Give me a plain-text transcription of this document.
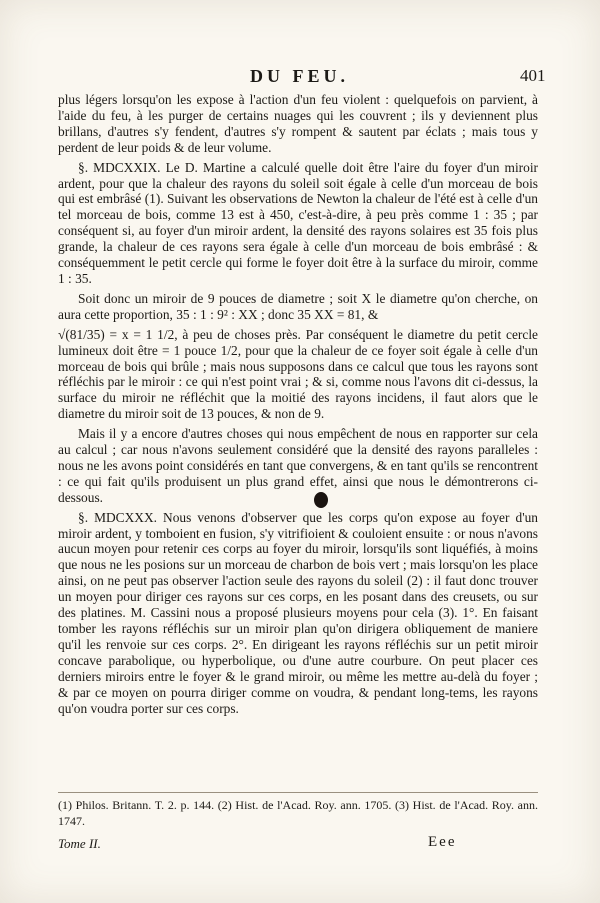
DU FEU.	401

plus légers lorsqu'on les expose à l'action d'un feu violent : quelquefois on parvient, à l'aide du feu, à les purger de certains nuages qui les couvrent ; ils y deviennent plus brillans, d'autres s'y fendent, d'autres s'y rompent & sautent par éclats ; mais tous y perdent de leur poids & de leur volume.

§. MDCXXIX. Le D. Martine a calculé quelle doit être l'aire du foyer d'un miroir ardent, pour que la chaleur des rayons du soleil soit égale à celle d'un morceau de bois qui est embrâsé (1). Suivant les observations de Newton la chaleur de l'été est à celle d'un tel morceau de bois, comme 13 est à 450, c'est-à-dire, à peu près comme 1 : 35 ; par conséquent si, au foyer d'un miroir ardent, la densité des rayons solaires est 35 fois plus grande, la chaleur de ces rayons sera égale à celle d'un morceau de bois embrâsé : & conséquemment le petit cercle qui forme le foyer doit être à la surface du miroir, comme 1 : 35.

Soit donc un miroir de 9 pouces de diametre ; soit X le diametre qu'on cherche, on aura cette proportion, 35 : 1 : 9² : XX ; donc 35 XX = 81, &

√(81/35) = x = 1 1/2, à peu de choses près. Par conséquent le diametre du petit cercle lumineux doit être = 1 pouce 1/2, pour que la chaleur de ce foyer soit égale à celle d'un morceau de bois qui brûle ; mais nous supposons dans ce calcul que tous les rayons sont réfléchis par le miroir : ce qui n'est point vrai ; & si, comme nous l'avons dit ci-dessus, la surface du miroir ne réfléchit que la moitié des rayons incidens, il faut alors que le diametre du miroir soit de 13 pouces, & non de 9.

Mais il y a encore d'autres choses qui nous empêchent de nous en rapporter sur cela au calcul ; car nous n'avons seulement considéré que la densité des rayons paralleles : nous ne les avons point considérés en tant que convergens, & en tant qu'ils se rencontrent : ce qui fait qu'ils produisent un plus grand effet, ainsi que nous le démontrerons ci-dessous.

§. MDCXXX. Nous venons d'observer que les corps qu'on expose au foyer d'un miroir ardent, y tomboient en fusion, s'y vitrifioient & couloient ensuite : or nous n'avons aucun moyen pour retenir ces corps au foyer du miroir, lorsqu'ils sont liquéfiés, à moins que nous ne les posions sur un morceau de charbon de bois vert ; mais lorsqu'on les place ainsi, on ne peut pas observer l'action seule des rayons du soleil (2) : il faut donc trouver un moyen pour diriger ces rayons sur ces corps, en les posant dans des creusets, ou sur des platines. M. Cassini nous a proposé plusieurs moyens pour cela (3). 1°. En faisant tomber les rayons réfléchis sur un miroir plan qu'on dirigera obliquement de maniere qu'il les renvoie sur ces corps. 2°. En dirigeant les rayons réfléchis sur un petit miroir concave parabolique, ou hyperbolique, ou d'une autre courbure. On peut placer ces derniers miroirs entre le foyer & le grand miroir, ou même les mettre au-delà du foyer ; & par ce moyen on pourra diriger comme on voudra, & pendant long-tems, les rayons qu'on voudra porter sur ces corps.

(1) Philos. Britann. T. 2. p. 144. (2) Hist. de l'Acad. Roy. ann. 1705. (3) Hist. de l'Acad. Roy. ann. 1747.
Tome II.	Eee
